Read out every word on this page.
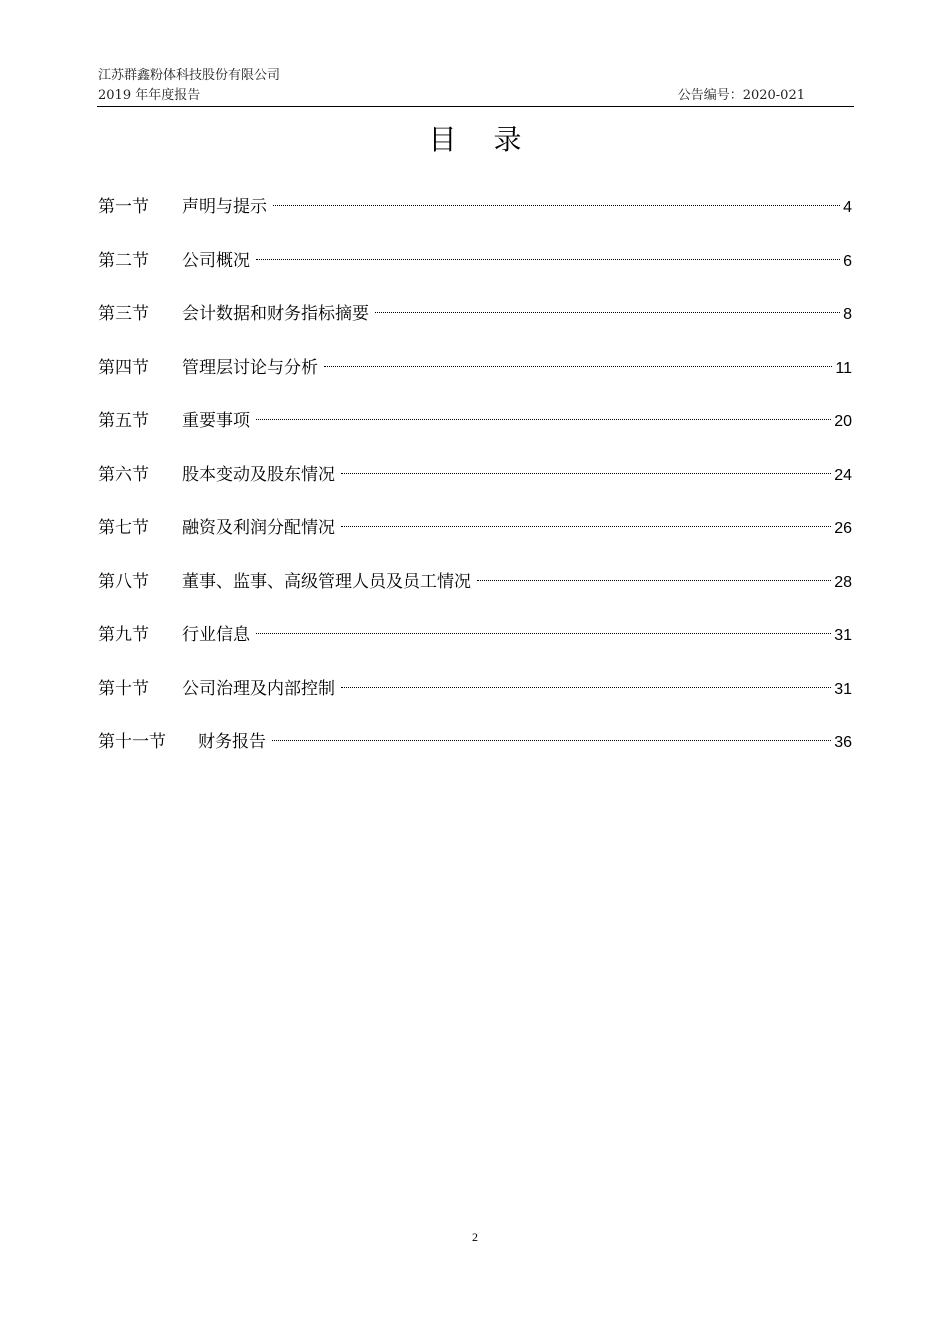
江苏群鑫粉体科技股份有限公司
2019 年年度报告	公告编号：2020-021
目 录
第一节	声明与提示	4
第二节	公司概况	6
第三节	会计数据和财务指标摘要	8
第四节	管理层讨论与分析	11
第五节	重要事项	20
第六节	股本变动及股东情况	24
第七节	融资及利润分配情况	26
第八节	董事、监事、高级管理人员及员工情况	28
第九节	行业信息	31
第十节	公司治理及内部控制	31
第十一节	财务报告	36
2
